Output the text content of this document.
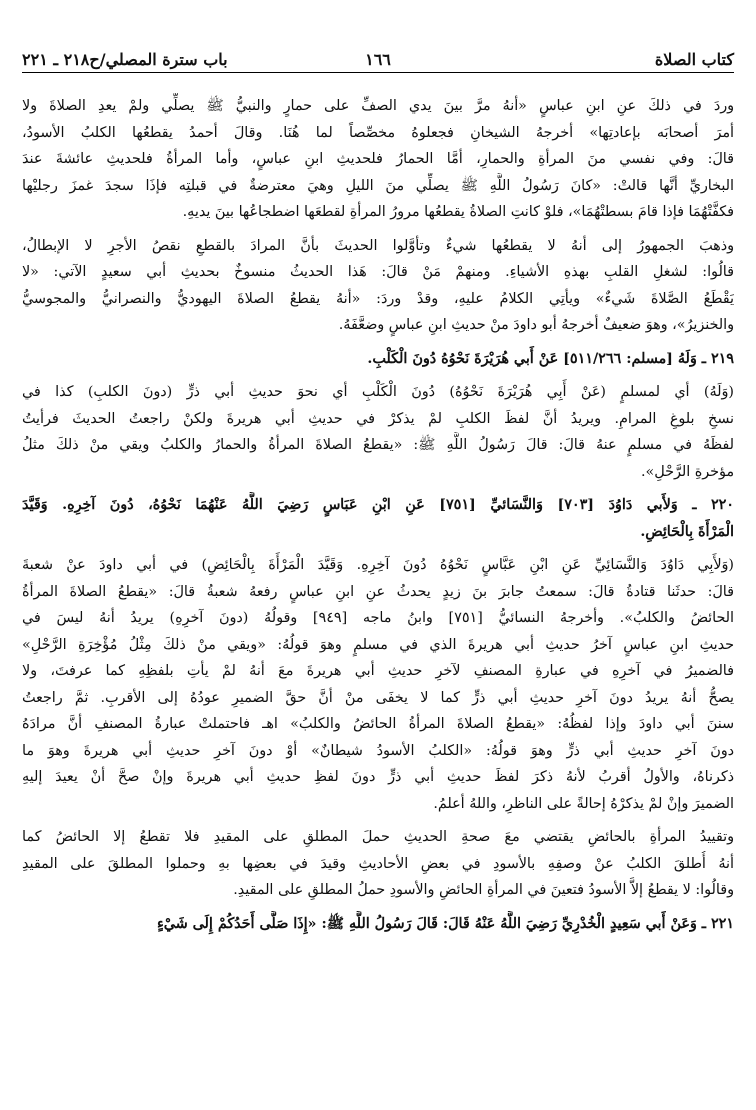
باب سترة المصلي/ح٢١٨ ـ ٢٢١	١٦٦	كتاب الصلاة
وردَ في ذلكَ عنِ ابنِ عباسٍ «أنهُ مرَّ بينَ يدي الصفِّ على حمارٍ والنبيُّ ﷺ يصلِّي ولمْ يعدِ الصلاةَ ولا
أمرَ أصحابَه بإعادتِها» أخرجهُ الشيخانِ فجعلوهُ مخصِّصاً لما هُنَا. وقالَ أحمدُ يقطعُها الكلبُ الأسودُ،
قالَ: وفي نفسي منَ المرأةِ والحمارِ، أمَّا الحمارُ فلحديثِ ابنِ عباسٍ، وأما المرأةُ فلحديثِ عائشةَ عندَ
البخاريِّ أنَّها قالتْ: «كانَ رَسُولُ اللَّهِ ﷺ يصلِّي منَ الليلِ وهيَ معترضةٌ في قبلتِه فإذَا سجدَ غمزَ رجليْها
فكفَّتْهُمَا فإذا قامَ بسطتْهُمَا»، فلوْ كانتِ الصلاةُ يقطعُها مرورُ المرأةِ لقطعَها اضطجاعُها بينَ يديهِ.
وذهبَ الجمهورُ إلى أنهُ لا يقطعُها شيءٌ وتأوَّلوا الحديثَ بأنَّ المرادَ بالقطعِ نقصُ الأجرِ لا الإبطالُ،
قالُوا: لشغلِ القلبِ بهذهِ الأشياءِ. ومنهمْ مَنْ قالَ: هَذا الحديثُ منسوخٌ بحديثِ أبي سعيدٍ الآتي: «لا
يَقْطَعُ الصَّلاةَ شَيءٌ» ويأتِي الكلامُ عليهِ، وقدْ وردَ: «أنهُ يقطعُ الصلاةَ اليهوديُّ والنصرانيُّ والمجوسيُّ
والخنزيرُ»، وهوَ ضعيفٌ أخرجهُ أبو داودَ منْ حديثِ ابنِ عباسٍ وضعَّفَهُ.
٢١٩ ـ وَلَهُ [مسلم: ٥١١/٢٦٦] عَنْ أَبي هُرَيْرَةَ نَحْوُهُ دُونَ الْكَلْبِ.
(وَلَهُ) أي لمسلمٍ (عَنْ أَبِي هُرَيْرَةَ نَحْوُهُ) دُونَ الْكَلْبِ أي نحوَ حديثِ أبي ذرٍّ (دونَ الكلبِ) كذا في
نسخِ بلوغِ المرامِ. ويريدُ أنَّ لفظَ الكلبِ لمْ يذكرْ في حديثِ أبي هريرةَ ولكنْ راجعتُ الحديثَ فرأيتُ
لفظَهُ في مسلمٍ عنهُ قالَ: قالَ رَسُولُ اللَّهِ ﷺ: «يقطعُ الصلاةَ المرأةُ والحمارُ والكلبُ ويقي منْ ذلكَ مثلُ
مؤخرةِ الرَّحْلِ».
٢٢٠ ـ وَلأَبي دَاوُدَ [٧٠٣] وَالنَّسَائيِّ [٧٥١] عَنِ ابْنِ عَبَاسٍ رَضِيَ اللَّهُ عَنْهُمَا نَحْوُهُ، دُونَ آخِرِهِ. وَقَيَّدَ
الْمَرْأَةَ بِالْحَائِضِ.
(وَلأَبِي دَاوُدَ وَالنَّسَائِيِّ عَنِ ابْنِ عَبَّاسٍ نَحْوُهُ دُونَ آخِرِهِ. وَقَيَّدَ الْمَرْأَةَ بِالْحَائِضِ) في أبي داودَ عنْ شعبةَ
قالَ: حدثَنا قتادةُ قالَ: سمعتُ جابرَ بنَ زيدٍ يحدثُ عنِ ابنِ عباسٍ رفعهُ شعبةُ قالَ: «يقطعُ الصلاةَ المرأةُ
الحائضُ والكلبُ». وأخرجهُ النسائيُّ [٧٥١] وابنُ ماجه [٩٤٩] وقولُهُ (دونَ آخرِهِ) يريدُ أنهُ ليسَ في
حديثِ ابنِ عباسٍ آخرُ حديثِ أبي هريرةَ الذي في مسلمٍ وهوَ قولُهُ: «ويقي منْ ذلكَ مِثْلُ مُؤْخِرَةِ الرَّحْلِ»
فالضميرُ في آخرِهِ في عبارةِ المصنفِ لآخرِ حديثِ أبي هريرةَ معَ أنهُ لمْ يأتِ بلفظِهِ كما عرفتَ، ولا
يصحُّ أنهُ يريدُ دونَ آخرِ حديثِ أبي ذرٍّ كما لا يخفَى منْ أنَّ حقَّ الضميرِ عودُهُ إلى الأقربِ. ثمَّ راجعتُ
سننَ أبي داودَ وإذا لفظُهُ: «يقطعُ الصلاةَ المرأةُ الحائضُ والكلبُ» اهـ فاحتملتْ عبارةُ المصنفِ أنَّ مرادَهُ
دونَ آخرِ حديثِ أبي ذرٍّ وهوَ قولُهُ: «الكلبُ الأسودُ شيطانٌ» أوْ دونَ آخرِ حديثِ أبي هريرةَ وهوَ ما
ذكرناهُ، والأولُ أقربُ لأنهُ ذكرَ لفظَ حديثِ أبي ذرٍّ دونَ لفظِ حديثِ أبي هريرةَ وإنْ صحَّ أنْ يعيدَ إليهِ
الضميرَ وإنْ لمْ يذكرْهُ إحالةً على الناظرِ، واللهُ أعلمُ.
وتقييدُ المرأةِ بالحائضِ يقتضي معَ صحةِ الحديثِ حملَ المطلقِ على المقيدِ فلا تقطعُ إلا الحائضُ كما
أنهُ أُطلقَ الكلبُ عنْ وصفِهِ بالأسودِ في بعضِ الأحاديثِ وقيدَ في بعضِها بهِ وحملوا المطلقَ على المقيدِ
وقالُوا: لا يقطعُ إلاَّ الأسودُ فتعينَ في المرأةِ الحائضِ والأسودِ حملُ المطلقِ على المقيدِ.
٢٢١ ـ وَعَنْ أَبي سَعِيدٍ الْخُدْرِيِّ رَضِيَ اللَّهُ عَنْهُ قَالَ: قَالَ رَسُولُ اللَّهِ ﷺ: «إِذَا صَلَّى أَحَدُكُمْ إِلَى شَيْءٍ
